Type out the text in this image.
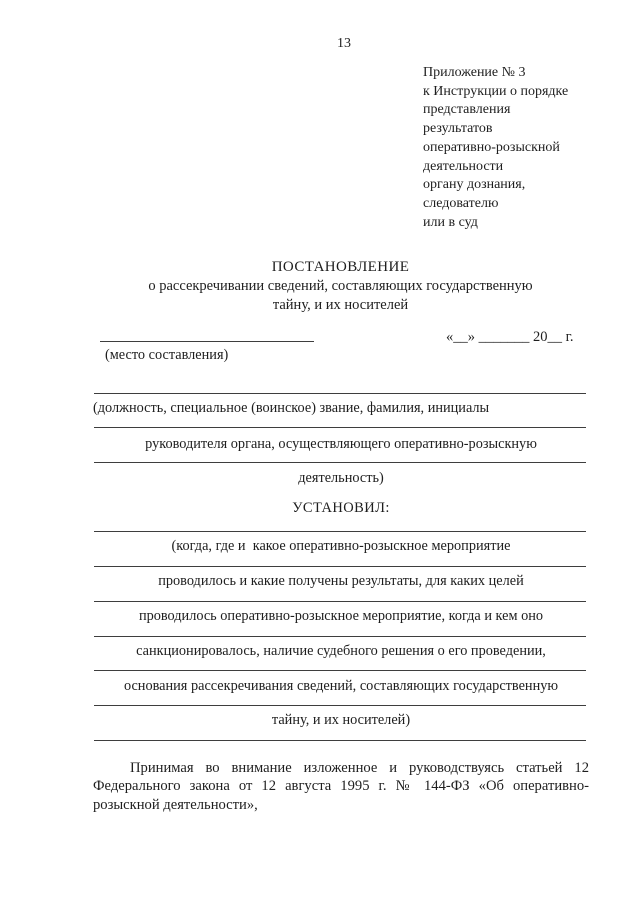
13
Приложение № 3
к Инструкции о порядке
представления
результатов
оперативно-розыскной
деятельности
органу дознания,
следователю
или в суд
ПОСТАНОВЛЕНИЕ
о рассекречивании сведений, составляющих государственную
тайну, и их носителей
(место составления)
«__» _______ 20__ г.
(должность, специальное (воинское) звание, фамилия, инициалы
руководителя органа, осуществляющего оперативно-розыскную
деятельность)
УСТАНОВИЛ:
(когда, где и  какое оперативно-розыскное мероприятие
проводилось и какие получены результаты, для каких целей
проводилось оперативно-розыскное мероприятие, когда и кем оно
санкционировалось, наличие судебного решения о его проведении,
основания рассекречивания сведений, составляющих государственную
тайну, и их носителей)
Принимая во внимание изложенное и руководствуясь статьей 12
Федерального закона от 12 августа 1995 г. № 144-ФЗ «Об оперативно-
розыскной деятельности»,
